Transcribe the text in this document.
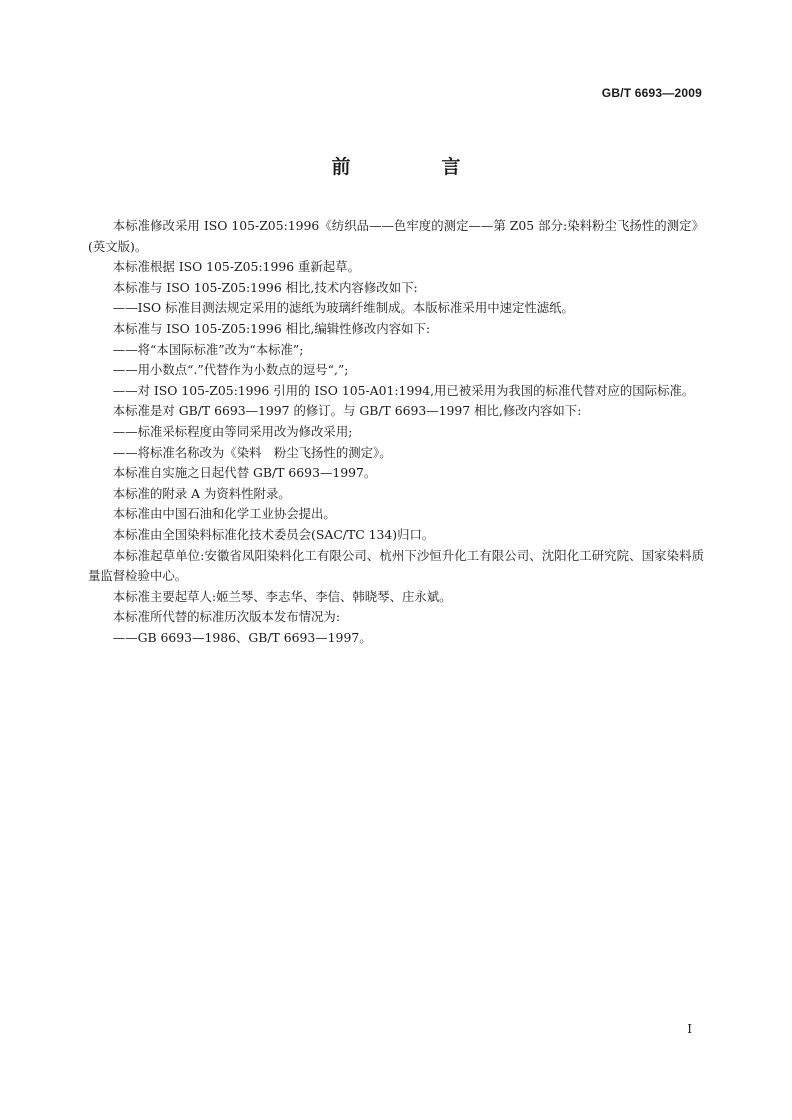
GB/T 6693—2009
前　言

本标准修改采用 ISO 105-Z05:1996《纺织品——色牢度的测定——第 Z05 部分:染料粉尘飞扬性的测定》(英文版)。

本标准根据 ISO 105-Z05:1996 重新起草。

本标准与 ISO 105-Z05:1996 相比,技术内容修改如下:

——ISO 标准目测法规定采用的滤纸为玻璃纤维制成。本版标准采用中速定性滤纸。

本标准与 ISO 105-Z05:1996 相比,编辑性修改内容如下:

——将“本国际标准”改为“本标准”;

——用小数点“.”代替作为小数点的逗号“,”;

——对 ISO 105-Z05:1996 引用的 ISO 105-A01:1994,用已被采用为我国的标准代替对应的国际标准。

本标准是对 GB/T 6693—1997 的修订。与 GB/T 6693—1997 相比,修改内容如下:

——标准采标程度由等同采用改为修改采用;

——将标准名称改为《染料　粉尘飞扬性的测定》。

本标准自实施之日起代替 GB/T 6693—1997。

本标准的附录 A 为资料性附录。

本标准由中国石油和化学工业协会提出。

本标准由全国染料标准化技术委员会(SAC/TC 134)归口。

本标准起草单位:安徽省凤阳染料化工有限公司、杭州下沙恒升化工有限公司、沈阳化工研究院、国家染料质量监督检验中心。

本标准主要起草人:姬兰琴、李志华、李信、韩晓琴、庄永斌。

本标准所代替的标准历次版本发布情况为:

——GB 6693—1986、GB/T 6693—1997。

I
